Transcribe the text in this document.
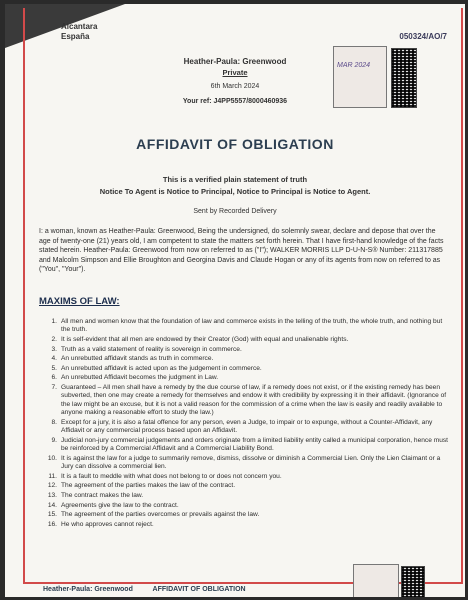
Alcantara
España	050324/AO/7
MAR 2024
Heather-Paula: Greenwood
Private
6th March 2024
Your ref: J4PP5557/8000460936
AFFIDAVIT OF OBLIGATION
This is a verified plain statement of truth
Notice To Agent is Notice to Principal, Notice to Principal is Notice to Agent.
Sent by Recorded Delivery
I: a woman, known as Heather-Paula: Greenwood, Being the undersigned, do solemnly swear, declare and depose that over the age of twenty-one (21) years old, I am competent to state the matters set forth herein. That I have first-hand knowledge of the facts stated herein. Heather-Paula: Greenwood from now on referred to as ("I"); WALKER MORRIS LLP D-U-N-S® Number: 211317885 and Malcolm Simpson and Ellie Broughton and Georgina Davis and Claude Hogan or any of its agents from now on referred to as ("You", "Your").
MAXIMS OF LAW:
1. All men and women know that the foundation of law and commerce exists in the telling of the truth, the whole truth, and nothing but the truth.
2. It is self-evident that all men are endowed by their Creator (God) with equal and unalienable rights.
3. Truth as a valid statement of reality is sovereign in commerce.
4. An unrebutted affidavit stands as truth in commerce.
5. An unrebutted affidavit is acted upon as the judgement in commerce.
6. An unrebutted Affidavit becomes the judgment in Law.
7. Guaranteed – All men shall have a remedy by the due course of law, if a remedy does not exist, or if the existing remedy has been subverted, then one may create a remedy for themselves and endow it with credibility by expressing it in their affidavit. (Ignorance of the law might be an excuse, but it is not a valid reason for the commission of a crime when the law is easily and readily available to anyone making a reasonable effort to study the law.)
8. Except for a jury, it is also a fatal offence for any person, even a Judge, to impair or to expunge, without a Counter-Affidavit, any Affidavit or any commercial process based upon an Affidavit.
9. Judicial non-jury commercial judgements and orders originate from a limited liability entity called a municipal corporation, hence must be reinforced by a Commercial Affidavit and a Commercial Liability Bond.
10. It is against the law for a judge to summarily remove, dismiss, dissolve or diminish a Commercial Lien. Only the Lien Claimant or a Jury can dissolve a commercial lien.
11. It is a fault to meddle with what does not belong to or does not concern you.
12. The agreement of the parties makes the law of the contract.
13. The contract makes the law.
14. Agreements give the law to the contract.
15. The agreement of the parties overcomes or prevails against the law.
16. He who approves cannot reject.
Heather-Paula: Greenwood	AFFIDAVIT OF OBLIGATION
